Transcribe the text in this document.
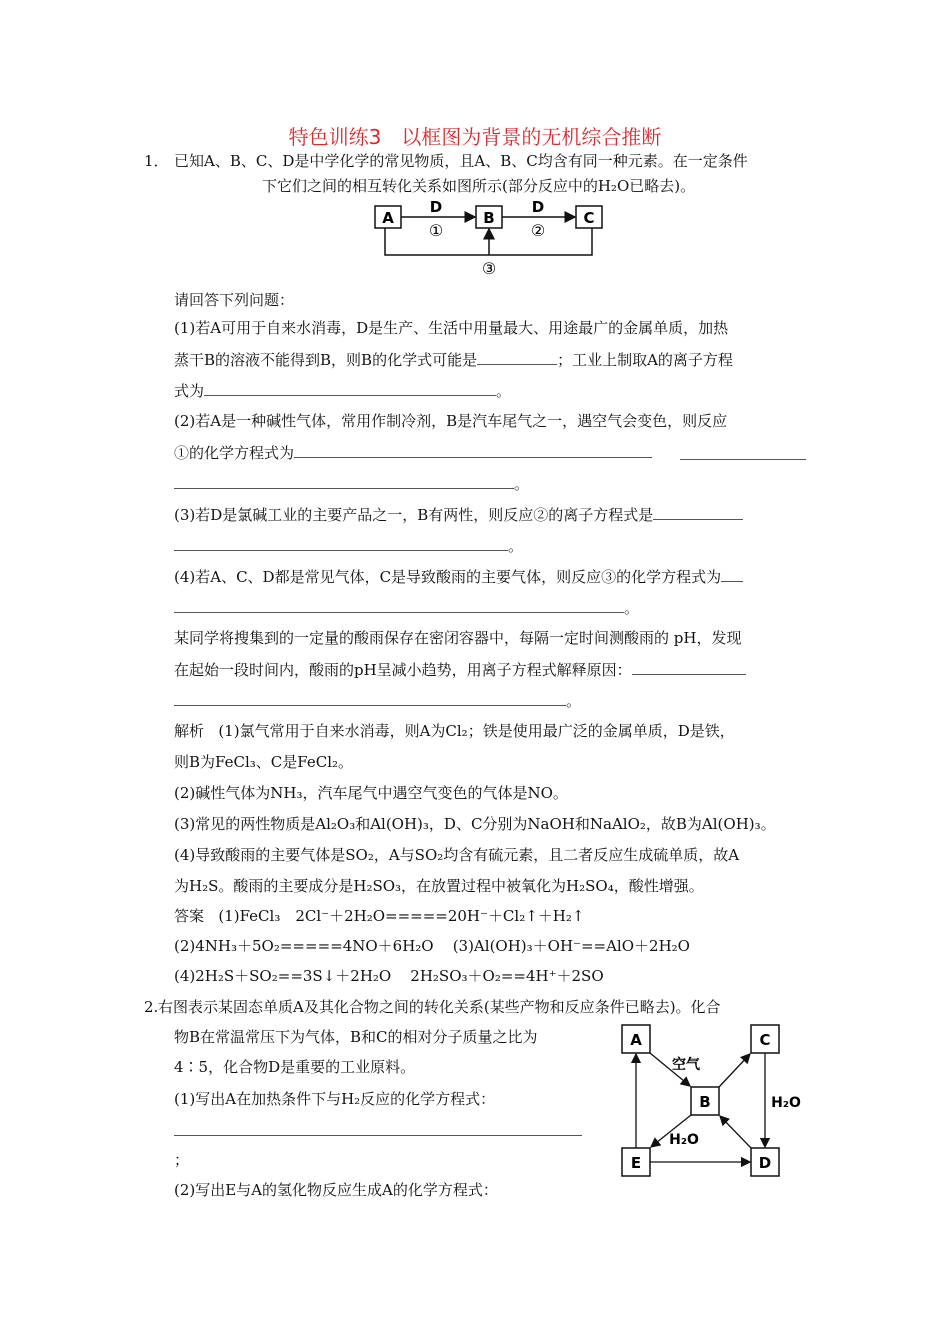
特色训练3　以框图为背景的无机综合推断
1． 已知A、B、C、D是中学化学的常见物质，且A、B、C均含有同一种元素。在一定条件
下它们之间的相互转化关系如图所示(部分反应中的H₂O已略去)。
A	B	C
D
①
D
②
③
请回答下列问题：
(1)若A可用于自来水消毒，D是生产、生活中用量最大、用途最广的金属单质，加热
蒸干B的溶液不能得到B，则B的化学式可能是	；工业上制取A的离子方程
式为	。
(2)若A是一种碱性气体，常用作制冷剂，B是汽车尾气之一，遇空气会变色，则反应
①的化学方程式为
。
(3)若D是氯碱工业的主要产品之一，B有两性，则反应②的离子方程式是
。
(4)若A、C、D都是常见气体，C是导致酸雨的主要气体，则反应③的化学方程式为
。
某同学将搜集到的一定量的酸雨保存在密闭容器中，每隔一定时间测酸雨的 pH，发现
在起始一段时间内，酸雨的pH呈减小趋势，用离子方程式解释原因：
。
解析 (1)氯气常用于自来水消毒，则A为Cl₂；铁是使用最广泛的金属单质，D是铁，
则B为FeCl₃、C是FeCl₂。
(2)碱性气体为NH₃，汽车尾气中遇空气变色的气体是NO。
(3)常见的两性物质是Al₂O₃和Al(OH)₃，D、C分别为NaOH和NaAlO₂，故B为Al(OH)₃。
(4)导致酸雨的主要气体是SO₂，A与SO₂均含有硫元素，且二者反应生成硫单质，故A
为H₂S。酸雨的主要成分是H₂SO₃，在放置过程中被氧化为H₂SO₄，酸性增强。
答案 (1)FeCl₃　2Cl⁻＋2H₂O=====20H⁻＋Cl₂↑＋H₂↑
(2)4NH₃＋5O₂=====4NO＋6H₂O (3)Al(OH)₃＋OH⁻==AlO＋2H₂O
(4)2H₂S＋SO₂==3S↓＋2H₂O 2H₂SO₃＋O₂==4H⁺＋2SO
2. 右图表示某固态单质A及其化合物之间的转化关系(某些产物和反应条件已略去)。化合
物B在常温常压下为气体，B和C的相对分子质量之比为
4∶5，化合物D是重要的工业原料。
(1)写出A在加热条件下与H₂反应的化学方程式：
；
(2)写出E与A的氢化物反应生成A的化学方程式：
A	C
B
E	D
空气
H₂O
H₂O
